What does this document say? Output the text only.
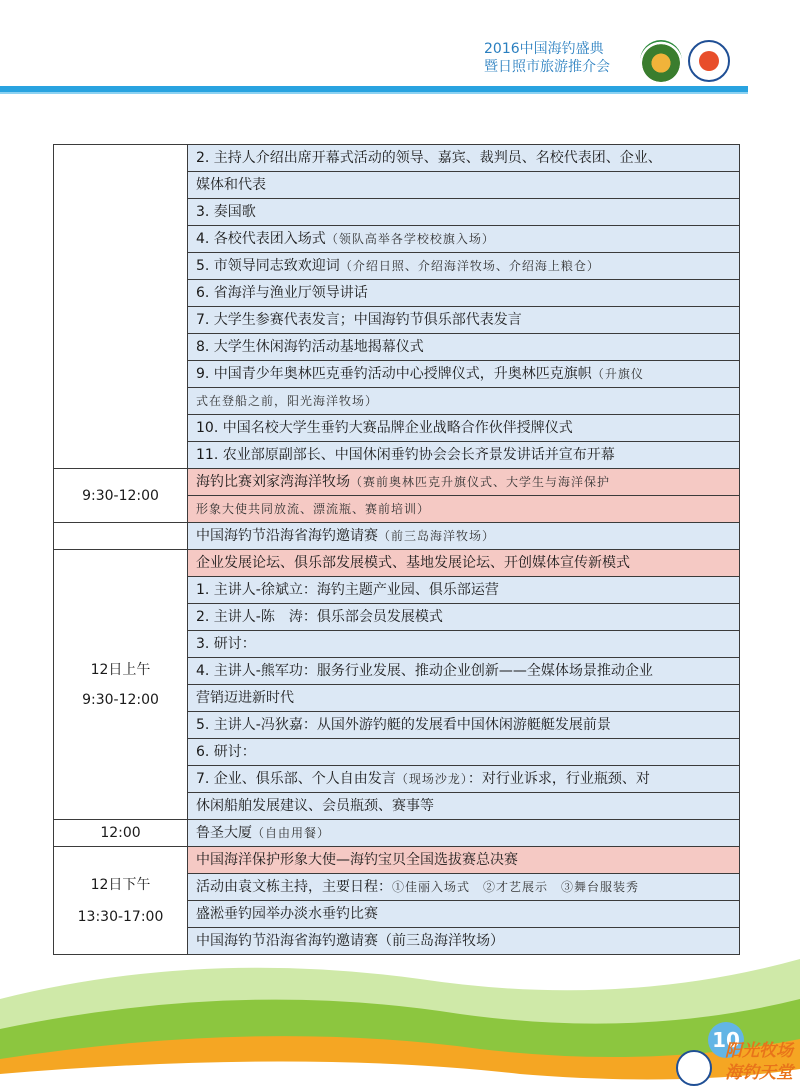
2016中国海钓盛典
暨日照市旅游推介会
	2. 主持人介绍出席开幕式活动的领导、嘉宾、裁判员、名校代表团、企业、
	媒体和代表
	3. 奏国歌
	4. 各校代表团入场式（领队高举各学校校旗入场）
	5. 市领导同志致欢迎词（介绍日照、介绍海洋牧场、介绍海上粮仓）
	6. 省海洋与渔业厅领导讲话
	7. 大学生参赛代表发言；中国海钓节俱乐部代表发言
	8. 大学生休闲海钓活动基地揭幕仪式
	9. 中国青少年奥林匹克垂钓活动中心授牌仪式，升奥林匹克旗帜（升旗仪
	式在登船之前，阳光海洋牧场）
	10. 中国名校大学生垂钓大赛品牌企业战略合作伙伴授牌仪式
	11. 农业部原副部长、中国休闲垂钓协会会长齐景发讲话并宣布开幕
9:30-12:00	海钓比赛刘家湾海洋牧场（赛前奥林匹克升旗仪式、大学生与海洋保护
	形象大使共同放流、漂流瓶、赛前培训）
	中国海钓节沿海省海钓邀请赛（前三岛海洋牧场）

12日上午
9:30-12:00	企业发展论坛、俱乐部发展模式、基地发展论坛、开创媒体宣传新模式
	1. 主讲人-徐斌立：海钓主题产业园、俱乐部运营
	2. 主讲人-陈　涛：俱乐部会员发展模式
	3. 研讨：
	4. 主讲人-熊军功：服务行业发展、推动企业创新——全媒体场景推动企业
	营销迈进新时代
	5. 主讲人-冯狄嘉：从国外游钓艇的发展看中国休闲游艇艇发展前景
	6. 研讨：
	7. 企业、俱乐部、个人自由发言（现场沙龙）：对行业诉求，行业瓶颈、对
	休闲船舶发展建议、会员瓶颈、赛事等
12:00	鲁圣大厦（自由用餐）

12日下午
13:30-17:00	中国海洋保护形象大使—海钓宝贝全国选拔赛总决赛
	活动由袁文栋主持，主要日程：①佳丽入场式　②才艺展示　③舞台服装秀
	盛淞垂钓园举办淡水垂钓比赛
	中国海钓节沿海省海钓邀请赛（前三岛海洋牧场）
10
阳光牧场
海钓天堂
